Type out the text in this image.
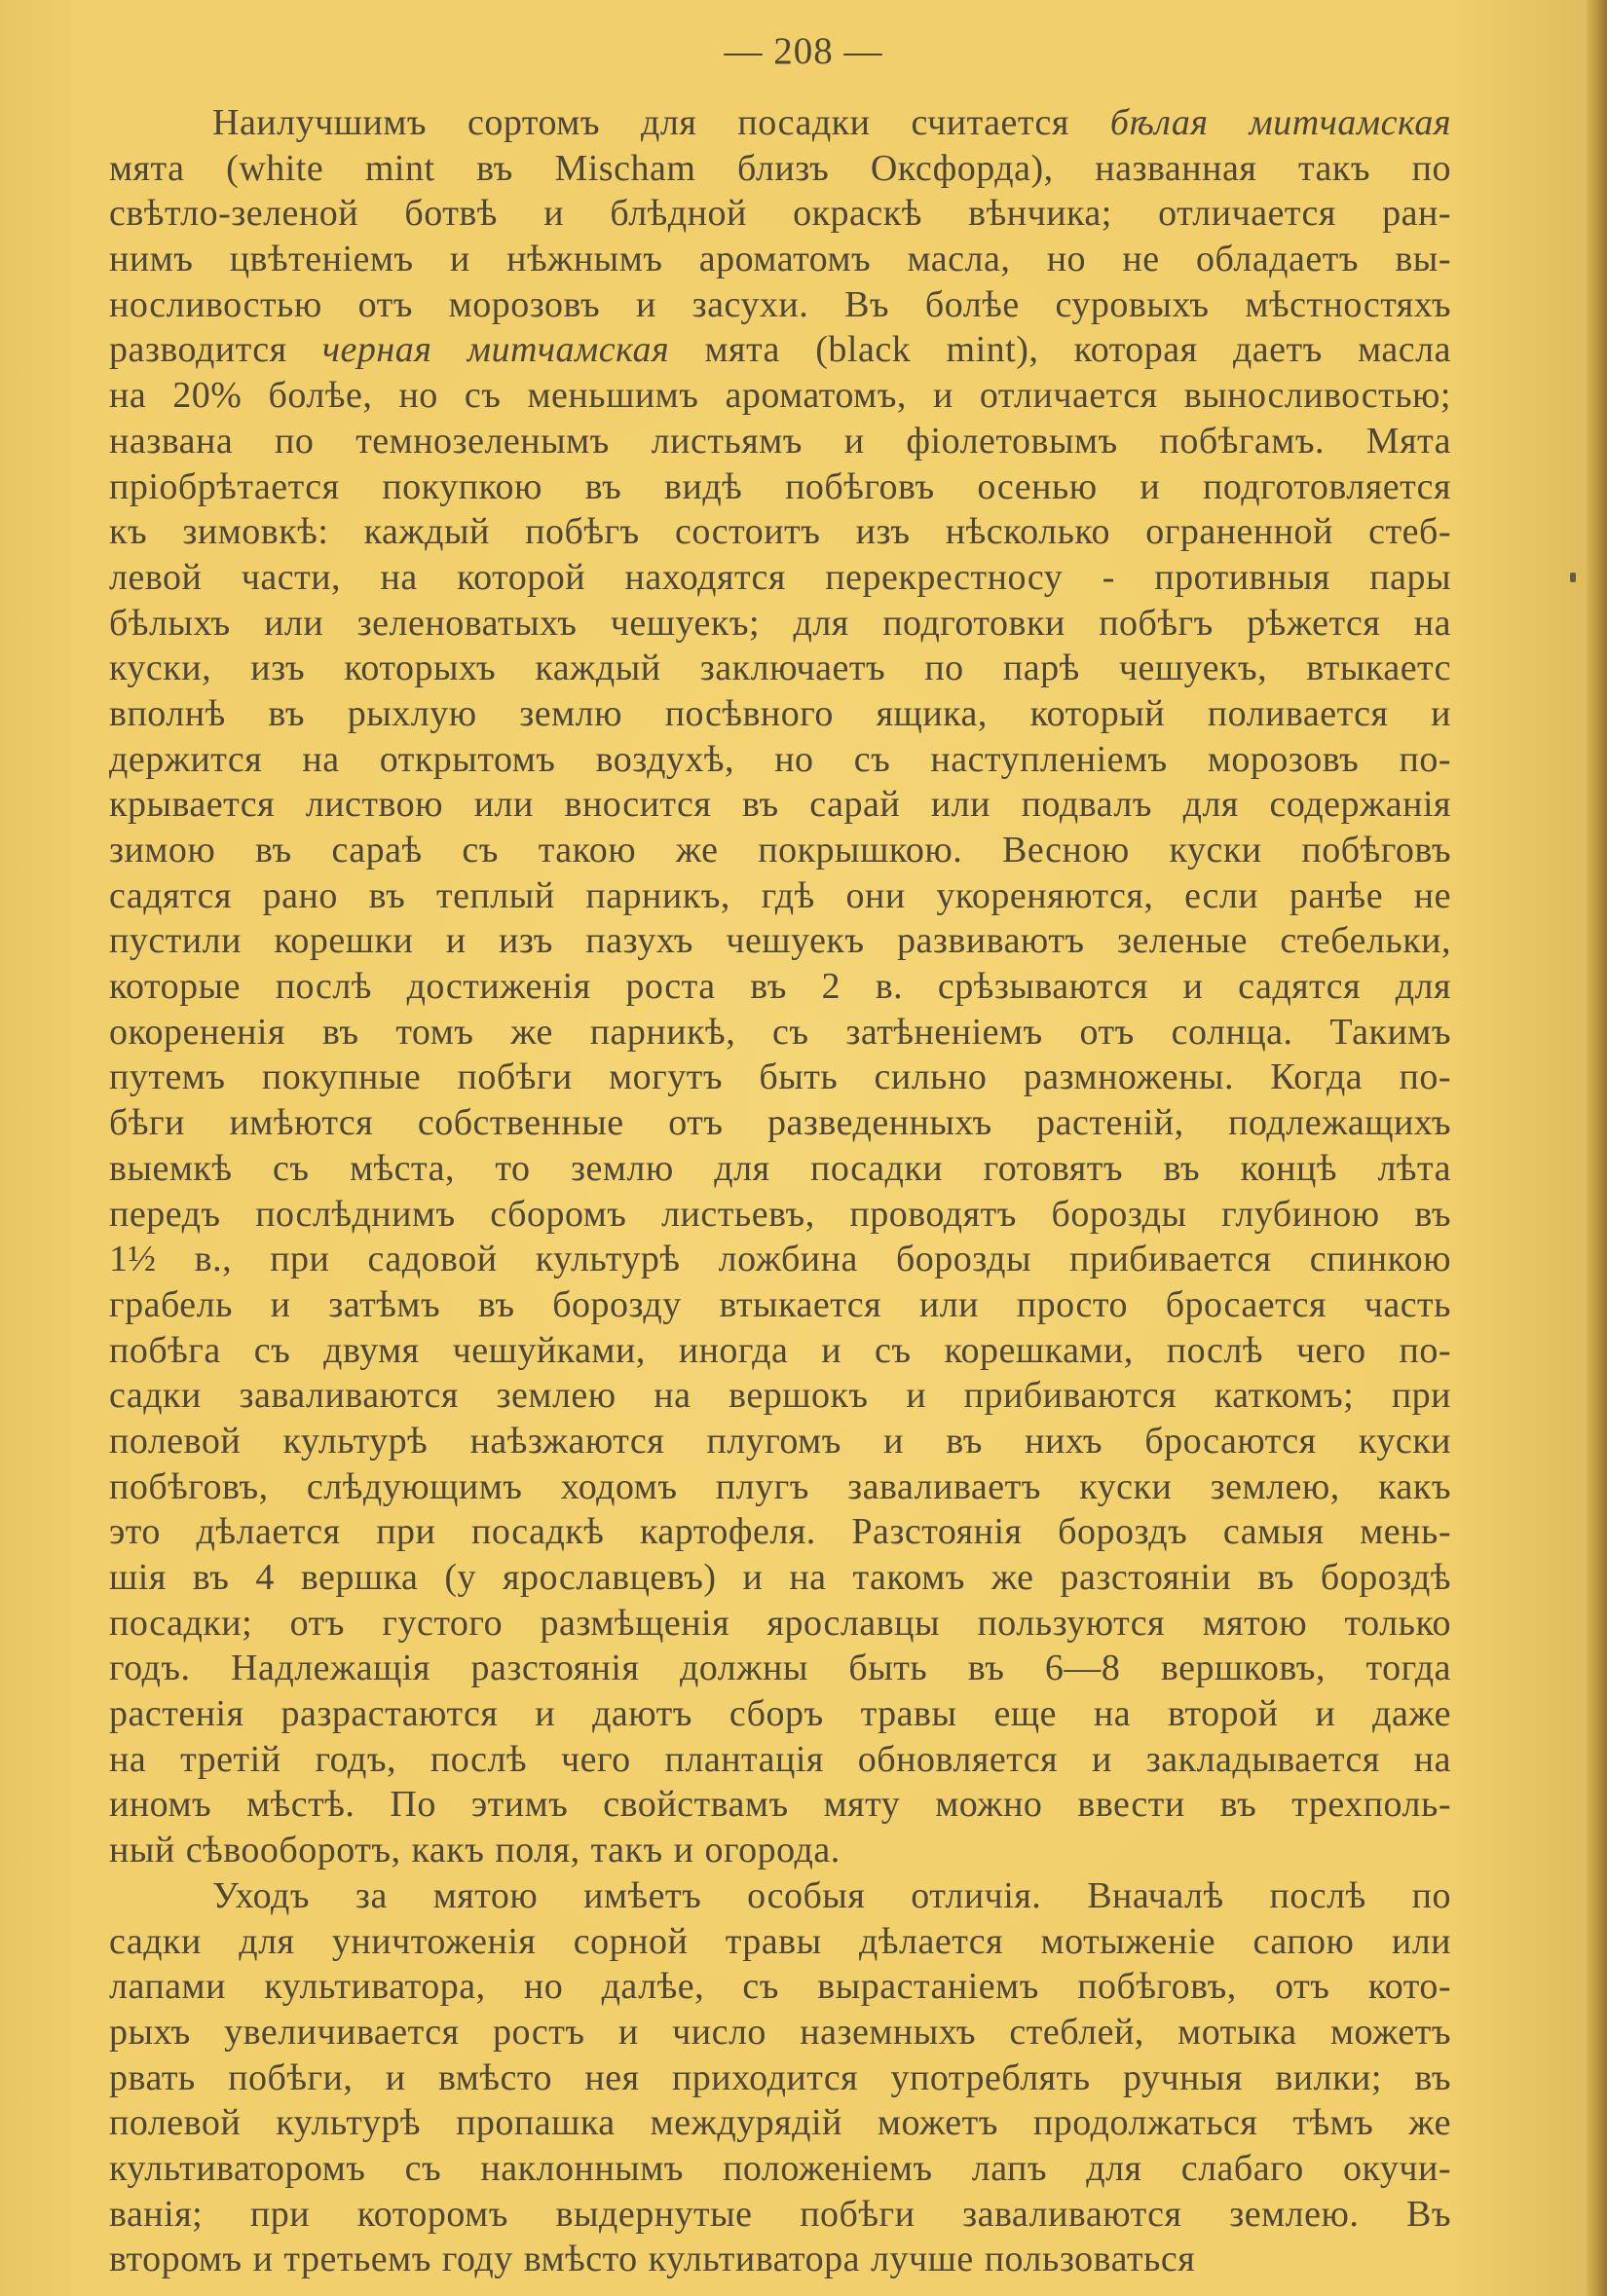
— 208 —
Наилучшимъ сортомъ для посадки считается бѣлая митчамская
мята (white mint въ Mischam близъ Оксфорда), названная такъ по
свѣтло-зеленой ботвѣ и блѣдной окраскѣ вѣнчика; отличается ран-
нимъ цвѣтеніемъ и нѣжнымъ ароматомъ масла, но не обладаетъ вы-
носливостью отъ морозовъ и засухи. Въ болѣе суровыхъ мѣстностяхъ
разводится черная митчамская мята (black mint), которая даетъ масла
на 20% болѣе, но съ меньшимъ ароматомъ, и отличается выносливостью;
названа по темнозеленымъ листьямъ и фіолетовымъ побѣгамъ. Мята
пріобрѣтается покупкою въ видѣ побѣговъ осенью и подготовляется
къ зимовкѣ: каждый побѣгъ состоитъ изъ нѣсколько ограненной стеб-
левой части, на которой находятся перекрестносу - противныя пары
бѣлыхъ или зеленоватыхъ чешуекъ; для подготовки побѣгъ рѣжется на
куски, изъ которыхъ каждый заключаетъ по парѣ чешуекъ, втыкаетс
вполнѣ въ рыхлую землю посѣвного ящика, который поливается и
держится на открытомъ воздухѣ, но съ наступленіемъ морозовъ по-
крывается листвою или вносится въ сарай или подвалъ для содержанія
зимою въ сараѣ съ такою же покрышкою. Весною куски побѣговъ
садятся рано въ теплый парникъ, гдѣ они укореняются, если ранѣе не
пустили корешки и изъ пазухъ чешуекъ развиваютъ зеленые стебельки,
которые послѣ достиженія роста въ 2 в. срѣзываются и садятся для
окорененія въ томъ же парникѣ, съ затѣненіемъ отъ солнца. Такимъ
путемъ покупные побѣги могутъ быть сильно размножены. Когда по-
бѣги имѣются собственные отъ разведенныхъ растеній, подлежащихъ
выемкѣ съ мѣста, то землю для посадки готовятъ въ концѣ лѣта
передъ послѣднимъ сборомъ листьевъ, проводятъ борозды глубиною въ
1½ в., при садовой культурѣ ложбина борозды прибивается спинкою
грабель и затѣмъ въ борозду втыкается или просто бросается часть
побѣга съ двумя чешуйками, иногда и съ корешками, послѣ чего по-
садки заваливаются землею на вершокъ и прибиваются каткомъ; при
полевой культурѣ наѣзжаются плугомъ и въ нихъ бросаются куски
побѣговъ, слѣдующимъ ходомъ плугъ заваливаетъ куски землею, какъ
это дѣлается при посадкѣ картофеля. Разстоянія бороздъ самыя мень-
шія въ 4 вершка (у ярославцевъ) и на такомъ же разстояніи въ бороздѣ
посадки; отъ густого размѣщенія ярославцы пользуются мятою только
годъ. Надлежащія разстоянія должны быть въ 6—8 вершковъ, тогда
растенія разрастаются и даютъ сборъ травы еще на второй и даже
на третій годъ, послѣ чего плантація обновляется и закладывается на
иномъ мѣстѣ. По этимъ свойствамъ мяту можно ввести въ трехполь-
ный сѣвооборотъ, какъ поля, такъ и огорода.
Уходъ за мятою имѣетъ особыя отличія. Вначалѣ послѣ по
садки для уничтоженія сорной травы дѣлается мотыженіе сапою или
лапами культиватора, но далѣе, съ вырастаніемъ побѣговъ, отъ кото-
рыхъ увеличивается ростъ и число наземныхъ стеблей, мотыка можетъ
рвать побѣги, и вмѣсто нея приходится употреблять ручныя вилки; въ
полевой культурѣ пропашка междурядій можетъ продолжаться тѣмъ же
культиваторомъ съ наклоннымъ положеніемъ лапъ для слабаго окучи-
ванія; при которомъ выдернутые побѣги заваливаются землею. Въ
второмъ и третьемъ году вмѣсто культиватора лучше пользоваться
